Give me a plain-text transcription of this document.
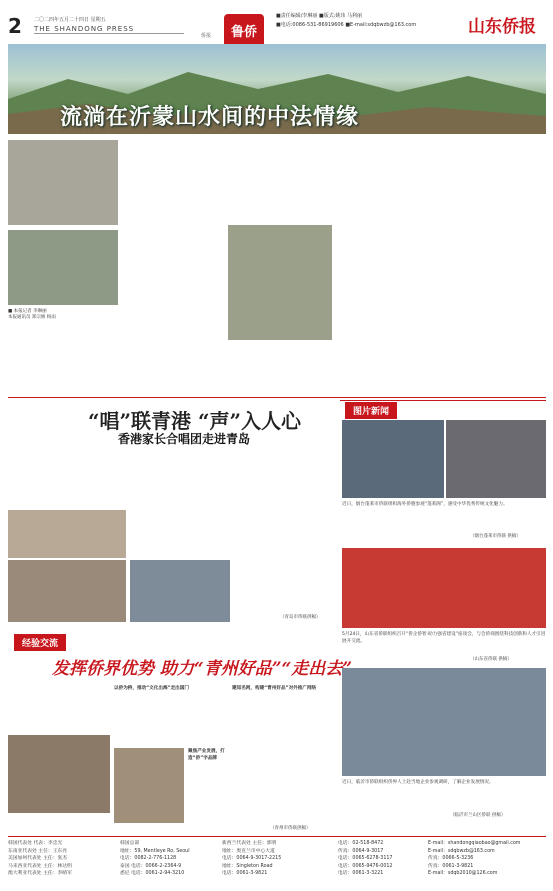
2 二〇二四年五月二十四日 星期五
THE SHANDONG PRESS
侨报	鲁侨
■责任编辑/李琳丽 ■版式:姚玮 马利丽
■电话:0086-531-86919606 ■E-mail:sdqbwzb@163.com	山东侨报
流淌在沂蒙山水间的中法情缘
■ 本报记者 李琳丽
本报通讯员 郑宗修 杨雨
“唱”联青港 “声”入人心
香港家长合唱团走进青岛
（青岛市侨联供稿）
图片新闻
近日，烟台蓬莱市侨联组织海外侨胞参观“蓬莱阁”，感受中华优秀传统文化魅力。
（烟台蓬莱市侨联 供稿）
5月24日，山东省侨联组织召开“侨企侨智·助力强省建设”座谈会，与会侨商围绕科技创新和人才引进展开交流。
（山东省侨联 供稿）
近日，临沂市侨联组织侨界人士赴当地企业参观调研，了解企业发展情况。
（临沂市兰山区侨联 供稿）
经验交流
发挥侨界优势 助力“青州好品”“走出去”
以侨为桥，推动“文化出海”走出国门
聚焦产业发展，打造“侨”字品牌
建知名网，构建“青州好品”对外推广网络
（青州市侨联供稿）
韩国代表处 代表：李忠光
东南亚代表处 主任：王东亮
美国加州代表处 主任：张杰
马来西亚代表处 主任：林达明
澳大利亚代表处 主任：李晴军
韩国总部
地址：59, Mentleye Ro, Seoul
电话：0082-2-776-1128
泰国 电话：0066-2-2364-9
悉尼 电话：0061-2-94-3210
新西兰代表处 主任：郭明
地址：奥克兰市中心大道
电话：0064-9-3017-2215
地址：Singleton Road
电话：0061-3-9821
电话：02-518-8472
传真：0064-9-3017
电话：0065-6278-3117
电话：0065-9476-0012
电话：0061-3-3221
E-mail：shandongqiaobao@gmail.com
E-mail：sdqbwzb@163.com
传真：0066-5-3236
传真：0061-3-9821
E-mail：sdqb2010@126.com
